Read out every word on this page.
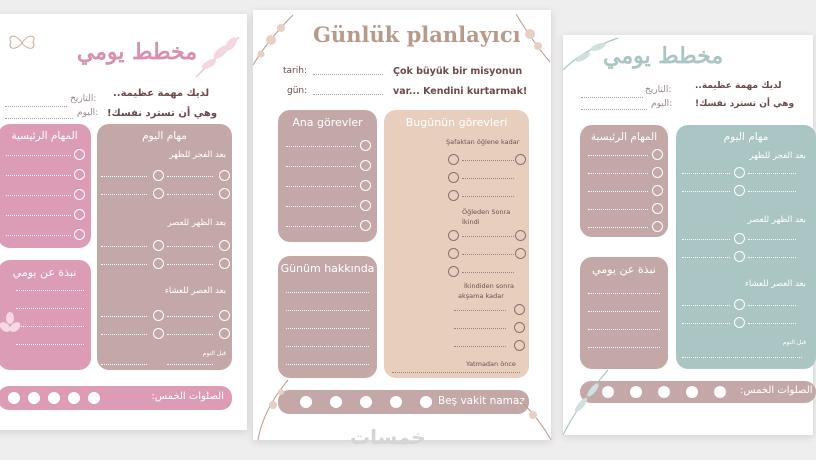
مخطط يومي
التاريخ:
اليوم:
لديك مهمة عظيمة..
وهي أن تسترد نفسك!
المهام الرئيسية
نبذة عن يومي
مهام اليوم
بعد الفجر للظهر
بعد الظهر للعصر
بعد العصر للعشاء
قبل النوم
الصلوات الخمس:
Günlük planlayıcı
tarih:
gün:
Çok büyük bir misyonun
var... Kendini kurtarmak!
Ana görevler
Günüm hakkında
Bugünün görevleri
Şafaktan öğlene kadar
Öğleden Sonra
İkindi
İkindiden sonra
akşama kadar
Yatmadan önce
Beş vakit namaz
مخطط يومي
التاريخ:
اليوم:
لديك مهمة عظيمة..
وهي أن تسترد نفسك!
المهام الرئيسية
نبذة عن يومي
مهام اليوم
بعد الفجر للظهر
بعد الظهر للعصر
بعد العصر للعشاء
قبل النوم
الصلوات الخمس:
خمسات
